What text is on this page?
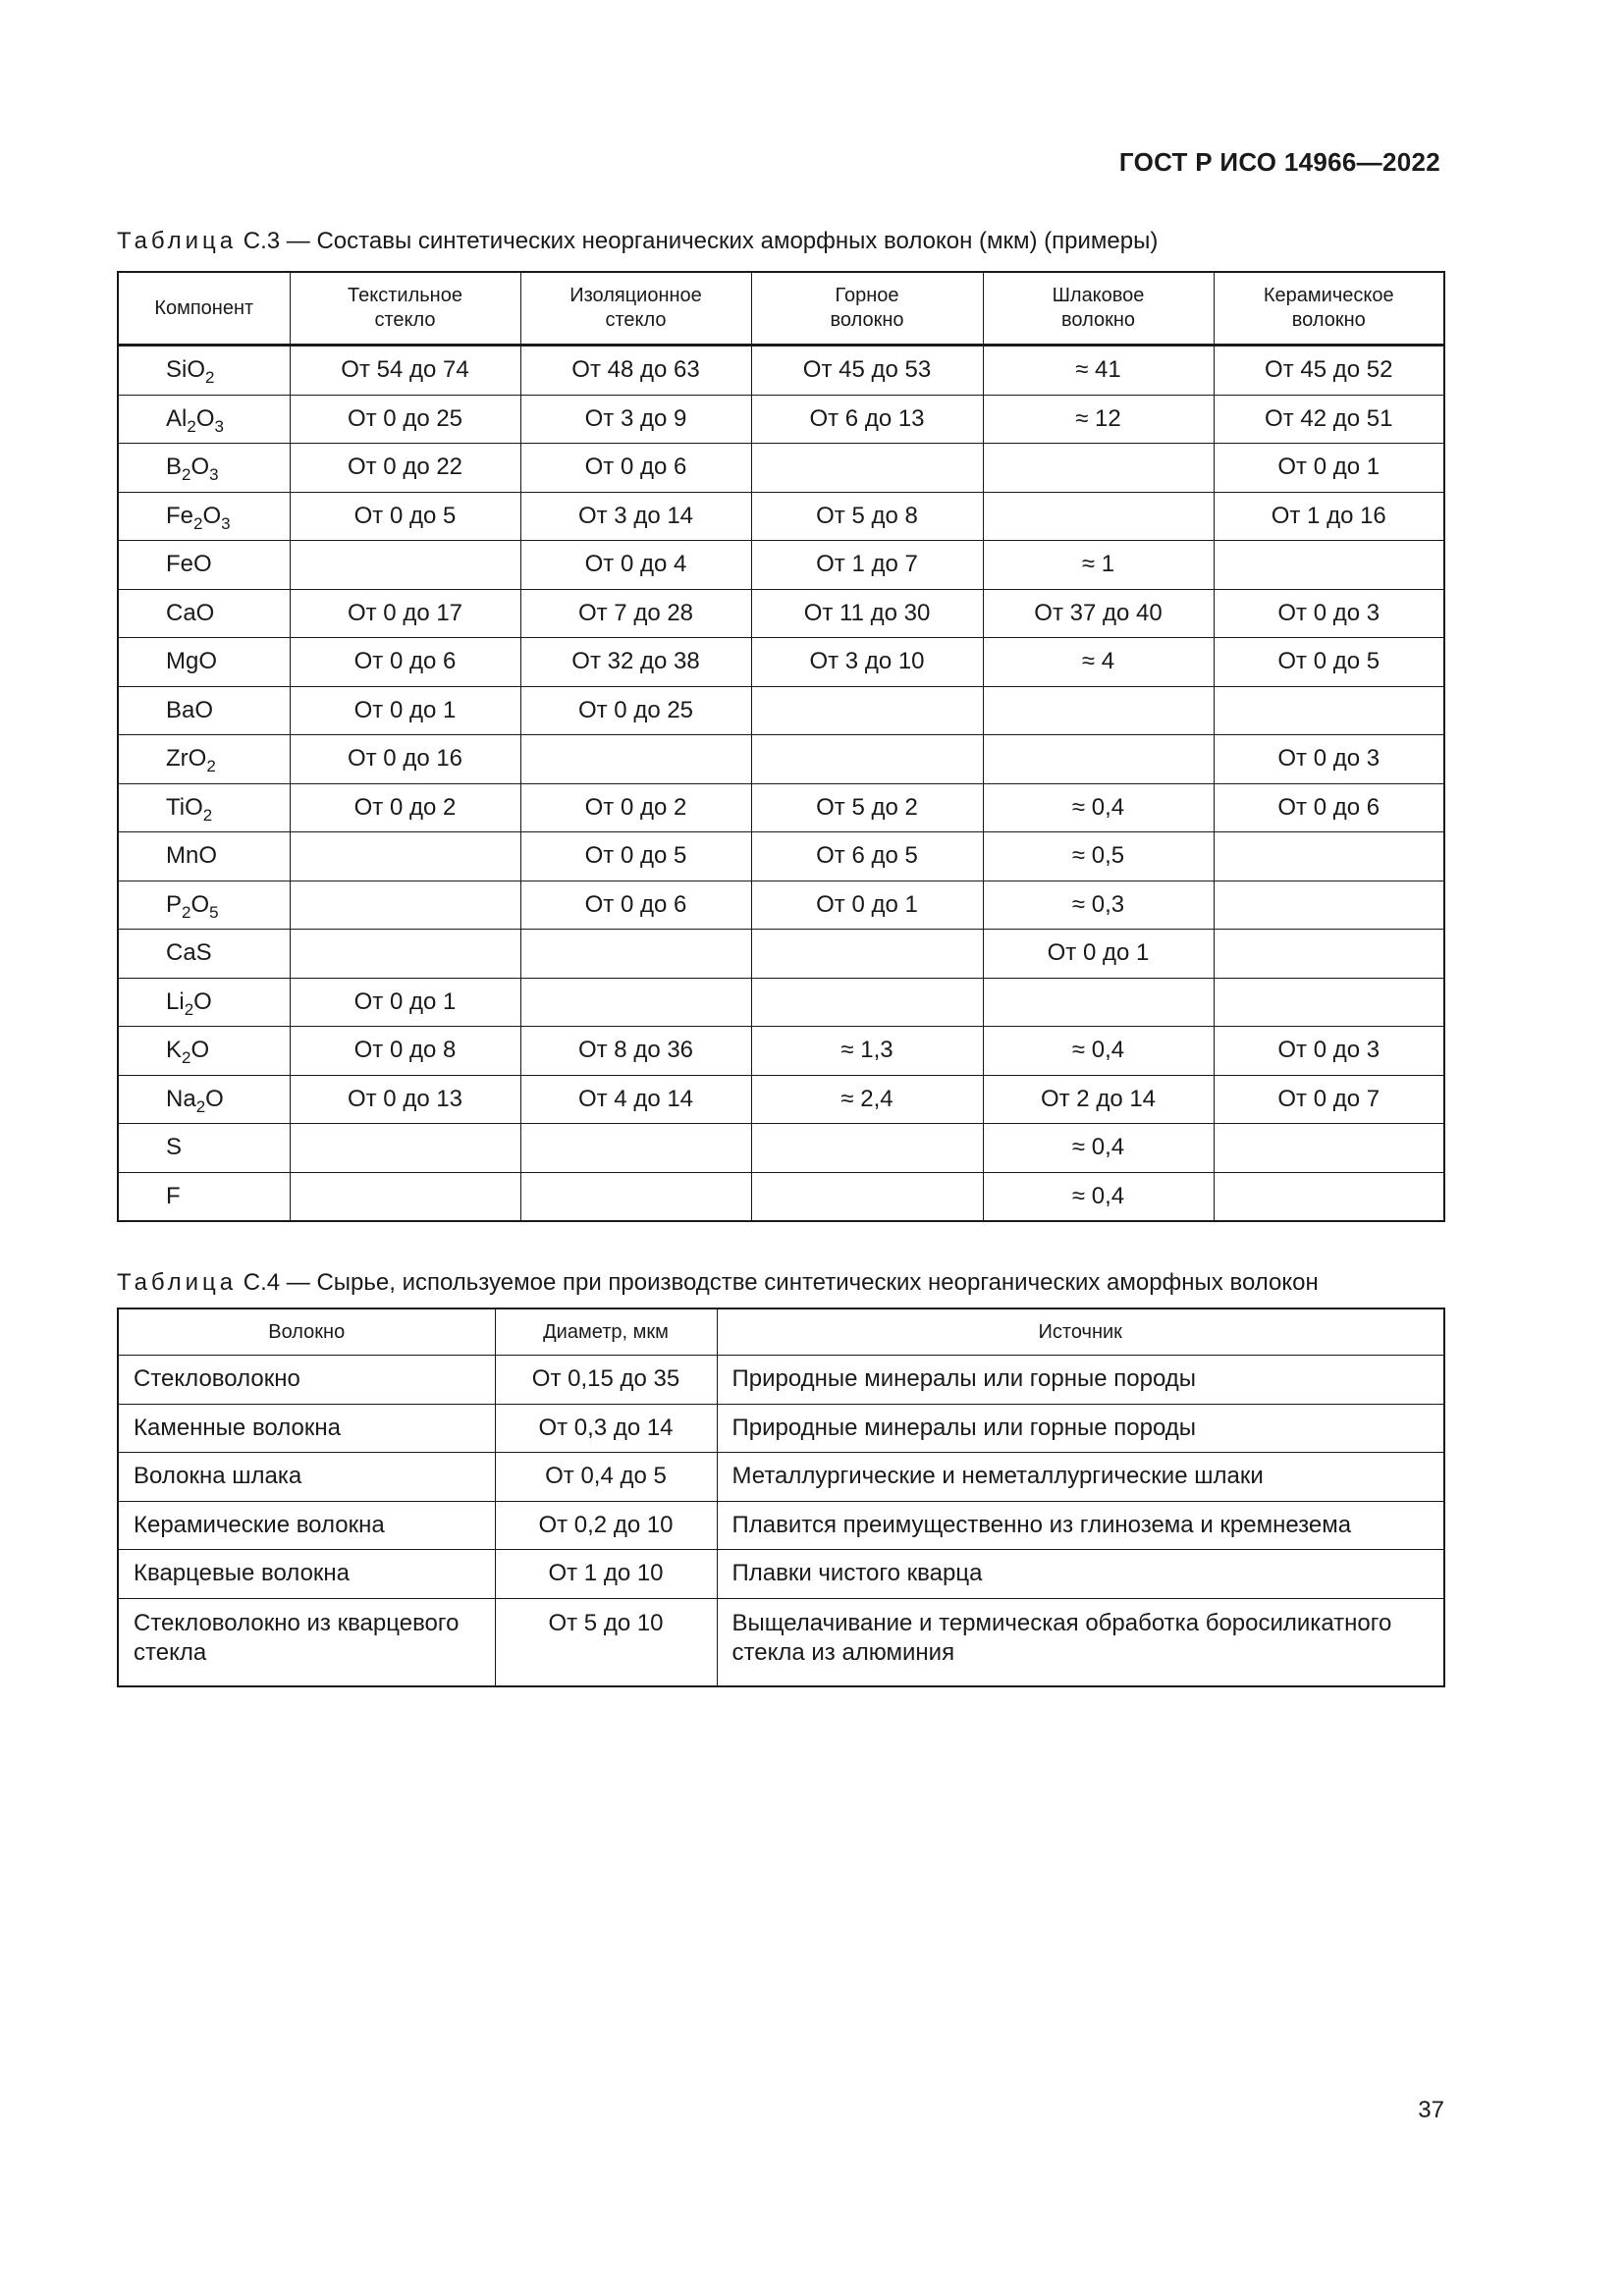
ГОСТ Р ИСО 14966—2022
Таблица С.3 — Составы синтетических неорганических аморфных волокон (мкм) (примеры)
Компонент	Текстильное стекло	Изоляционное стекло	Горное волокно	Шлаковое волокно	Керамическое волокно

SiO$_2$	От 54 до 74	От 48 до 63	От 45 до 53	≈ 41	От 45 до 52
$Al_2O_3$	От 0 до 25	От 3 до 9	От 6 до 13	≈ 12	От 42 до 51
$B_2O_3$	От 0 до 22	От 0 до 6			От 0 до 1
$Fe_2O_3$	От 0 до 5	От 3 до 14	От 5 до 8		От 1 до 16
FeO		От 0 до 4	От 1 до 7	≈ 1	
CaO	От 0 до 17	От 7 до 28	От 11 до 30	От 37 до 40	От 0 до 3
MgO	От 0 до 6	От 32 до 38	От 3 до 10	≈ 4	От 0 до 5
BaO	От 0 до 1	От 0 до 25			
ZrO$_2$	От 0 до 16				От 0 до 3
TiO$_2$	От 0 до 2	От 0 до 2	От 5 до 2	≈ 0,4	От 0 до 6
MnO		От 0 до 5	От 6 до 5	≈ 0,5	
$P_2O_5$		От 0 до 6	От 0 до 1	≈ 0,3	
CaS				От 0 до 1	
$Li_2O$	От 0 до 1				
$K_2O$	От 0 до 8	От 8 до 36	≈ 1,3	≈ 0,4	От 0 до 3
$Na_2O$	От 0 до 13	От 4 до 14	≈ 2,4	От 2 до 14	От 0 до 7
S				≈ 0,4	
F				≈ 0,4	
Таблица С.4 — Сырье, используемое при производстве синтетических неорганических аморфных волокон
Волокно	Диаметр, мкм	Источник
Стекловолокно	От 0,15 до 35	Природные минералы или горные породы
Каменные волокна	От 0,3 до 14	Природные минералы или горные породы
Волокна шлака	От 0,4 до 5	Металлургические и неметаллургические шлаки
Керамические волокна	От 0,2 до 10	Плавится преимущественно из глинозема и кремнезема
Кварцевые волокна	От 1 до 10	Плавки чистого кварца
Стекловолокно из кварцевого стекла	От 5 до 10	Выщелачивание и термическая обработка боросиликатного стекла из алюминия
37
